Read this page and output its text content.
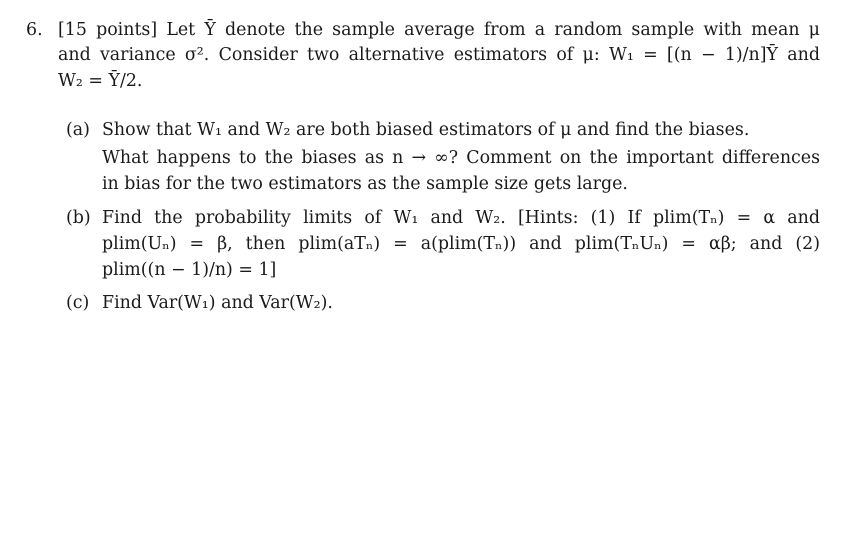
6. [15 points] Let Ȳ denote the sample average from a random sample with mean μ
and variance σ². Consider two alternative estimators of μ: W₁ = [(n − 1)/n]Ȳ and
W₂ = Ȳ/2.
(a) Show that W₁ and W₂ are both biased estimators of μ and find the biases.
What happens to the biases as n → ∞? Comment on the important differences
in bias for the two estimators as the sample size gets large.
(b) Find the probability limits of W₁ and W₂. [Hints: (1) If plim(Tₙ) = α and
plim(Uₙ) = β, then plim(aTₙ) = a(plim(Tₙ)) and plim(TₙUₙ) = αβ; and (2)
plim((n − 1)/n) = 1]
(c) Find Var(W₁) and Var(W₂).
